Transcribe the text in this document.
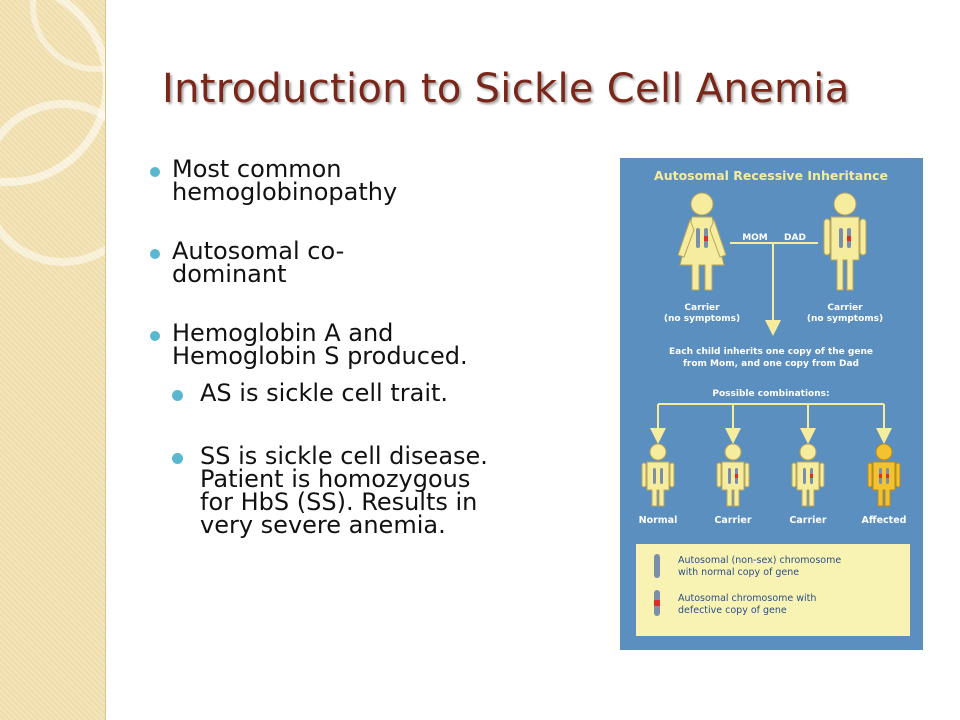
Introduction to Sickle Cell Anemia
Most common hemoglobinopathy
Autosomal co-dominant
Hemoglobin A and Hemoglobin S produced.
AS is sickle cell trait.
SS is sickle cell disease. Patient is homozygous for HbS (SS). Results in very severe anemia.
Autosomal Recessive Inheritance
MOM DAD
Carrier
(no symptoms)
Carrier
(no symptoms)
Each child inherits one copy of the gene
from Mom, and one copy from Dad
Possible combinations:
Normal	Carrier	Carrier	Affected
Autosomal (non-sex) chromosome
with normal copy of gene
Autosomal chromosome with
defective copy of gene
